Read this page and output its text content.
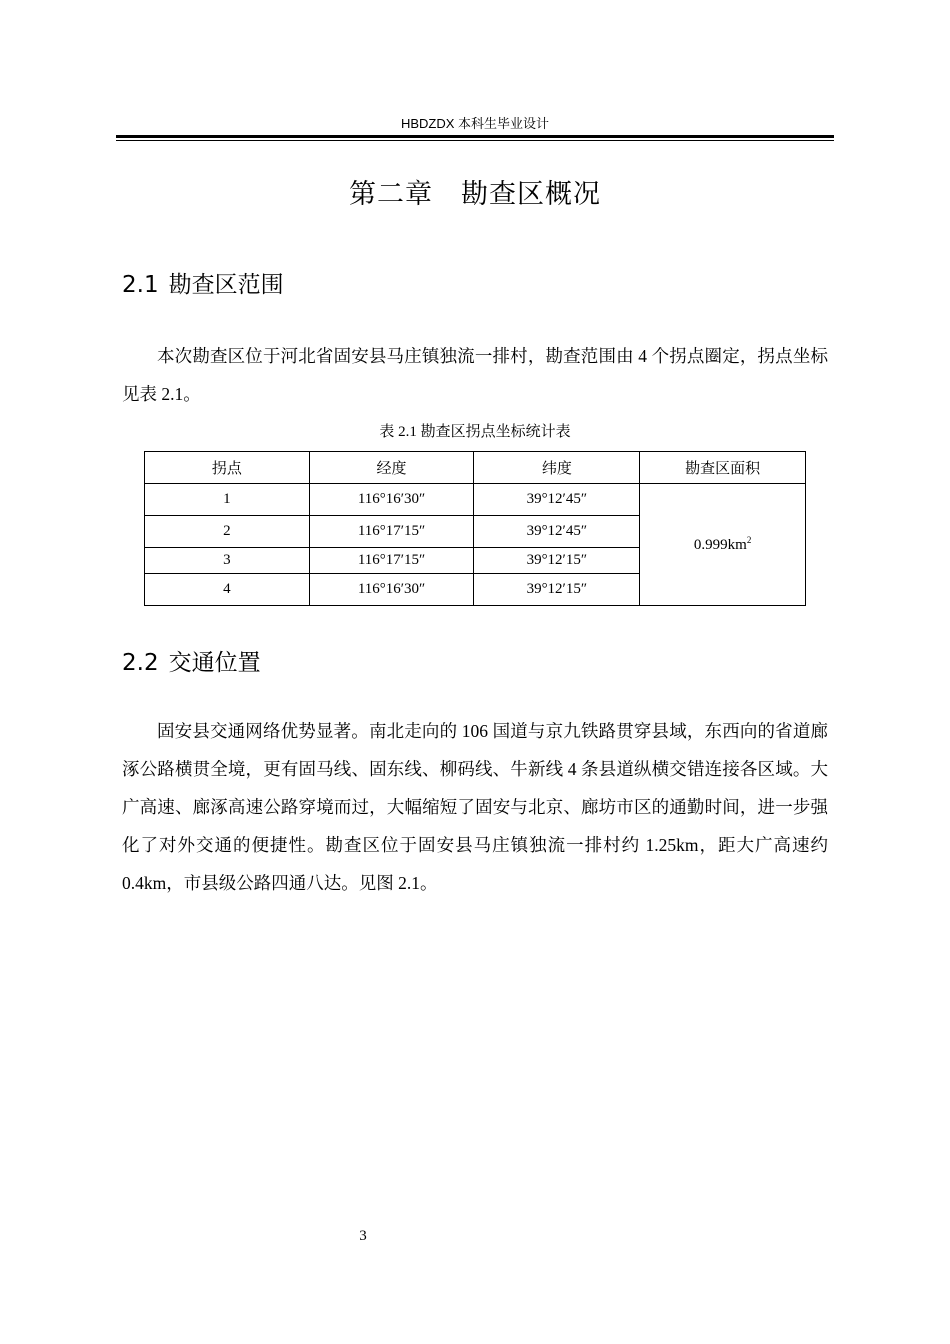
HBDZDX 本科生毕业设计
第二章　勘查区概况
2.1 勘查区范围
本次勘查区位于河北省固安县马庄镇独流一排村，勘查范围由 4 个拐点圈定，拐点坐标见表 2.1。
表 2.1 勘查区拐点坐标统计表
拐点	经度	纬度	勘查区面积
1	116°16′30″	39°12′45″	$0.999km^2$
2	116°17′15″	39°12′45″	
3	116°17′15″	39°12′15″	
4	116°16′30″	39°12′15″	
2.2 交通位置
固安县交通网络优势显著。南北走向的 106 国道与京九铁路贯穿县域，东西向的省道廊涿公路横贯全境，更有固马线、固东线、柳码线、牛新线 4 条县道纵横交错连接各区域。大广高速、廊涿高速公路穿境而过，大幅缩短了固安与北京、廊坊市区的通勤时间，进一步强化了对外交通的便捷性。勘查区位于固安县马庄镇独流一排村约 1.25km，距大广高速约 0.4km，市县级公路四通八达。见图 2.1。
3
